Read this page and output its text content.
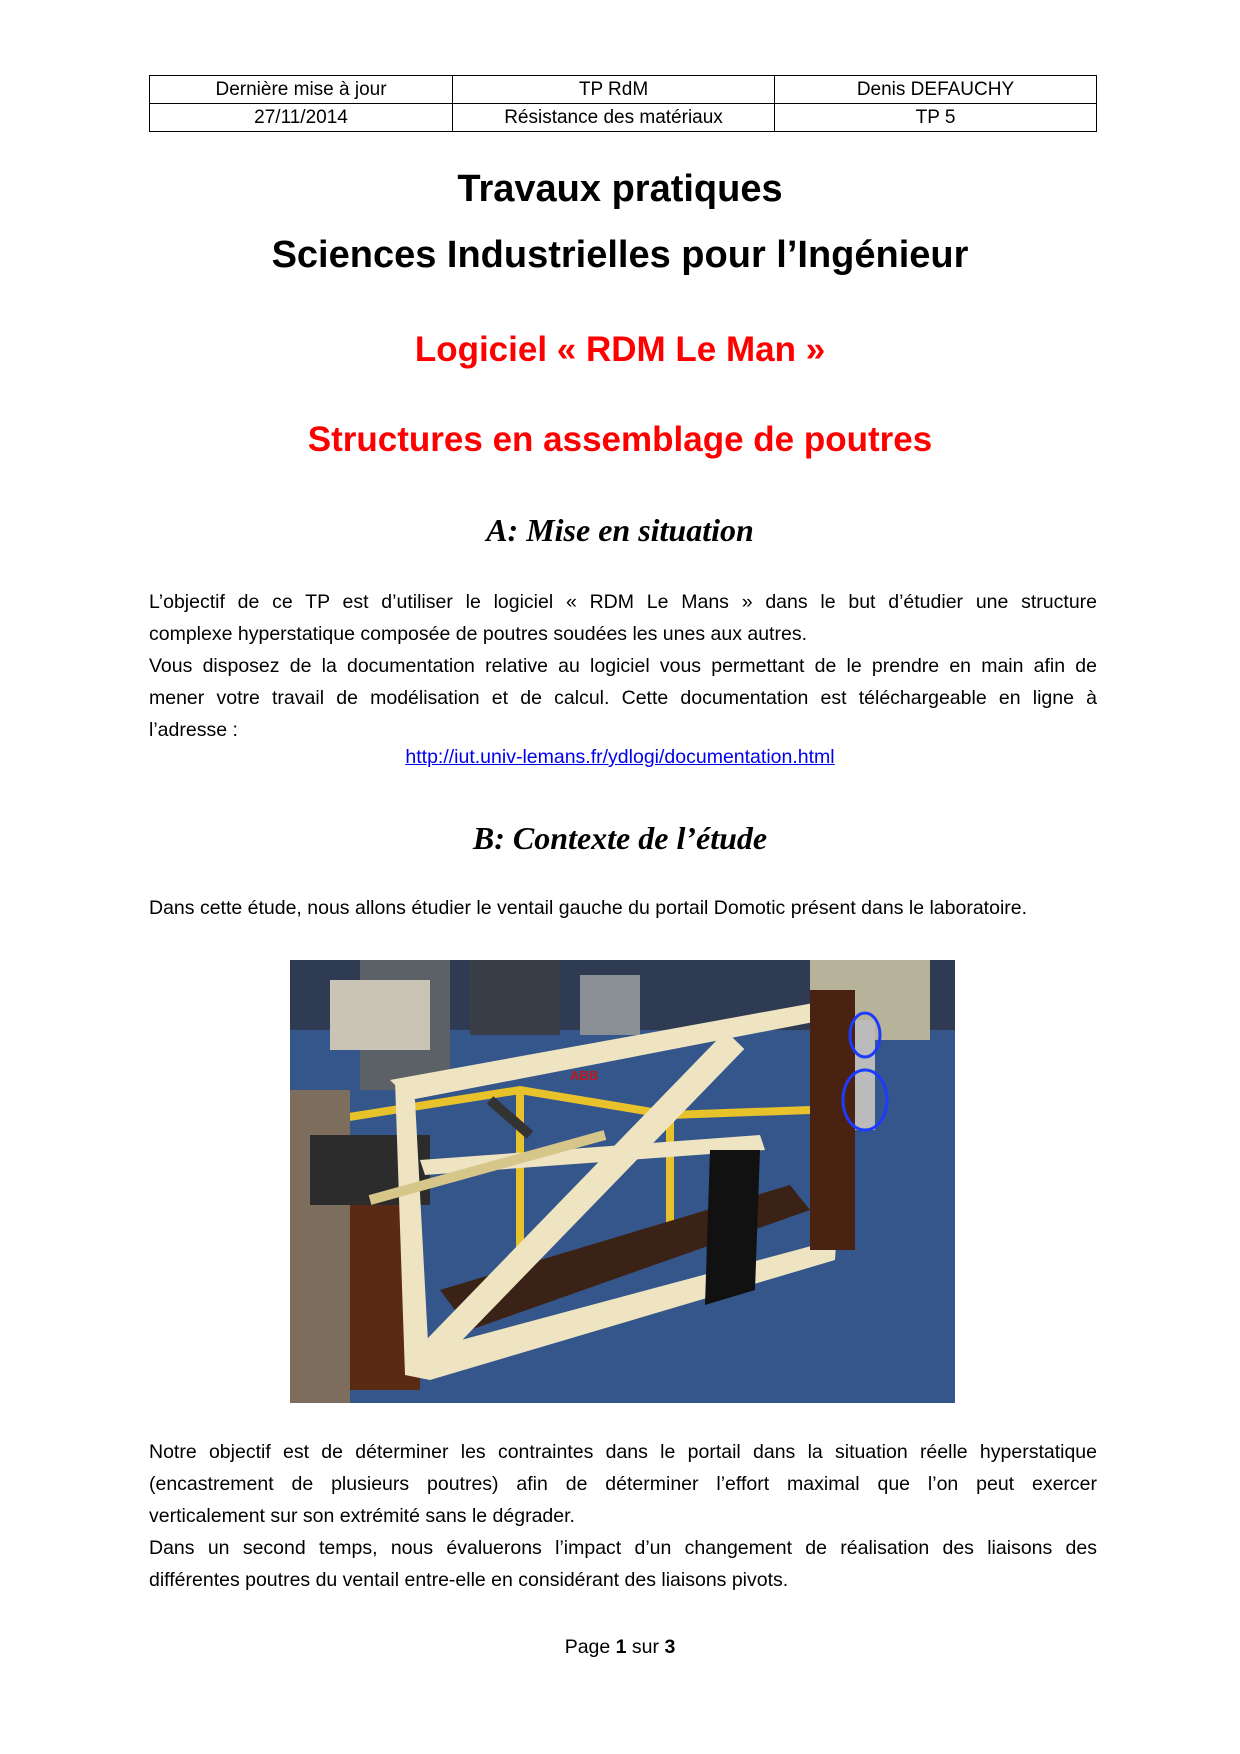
Dernière mise à jour	TP RdM	Denis DEFAUCHY
27/11/2014	Résistance des matériaux	TP 5
Travaux pratiques
Sciences Industrielles pour l’Ingénieur
Logiciel « RDM Le Man »
Structures en assemblage de poutres
A: Mise en situation
L’objectif de ce TP est d’utiliser le logiciel « RDM Le Mans » dans le but d’étudier une structure
complexe hyperstatique composée de poutres soudées les unes aux autres.
Vous disposez de la documentation relative au logiciel vous permettant de le prendre en main afin de
mener votre travail de modélisation et de calcul. Cette documentation est téléchargeable en ligne à
l’adresse :
http://iut.univ-lemans.fr/ydlogi/documentation.html
B: Contexte de l’étude
Dans cette étude, nous allons étudier le ventail gauche du portail Domotic présent dans le laboratoire.
ABB
Notre objectif est de déterminer les contraintes dans le portail dans la situation réelle hyperstatique
(encastrement de plusieurs poutres) afin de déterminer l’effort maximal que l’on peut exercer
verticalement sur son extrémité sans le dégrader.
Dans un second temps, nous évaluerons l’impact d’un changement de réalisation des liaisons des
différentes poutres du ventail entre-elle en considérant des liaisons pivots.
Page 1 sur 3
